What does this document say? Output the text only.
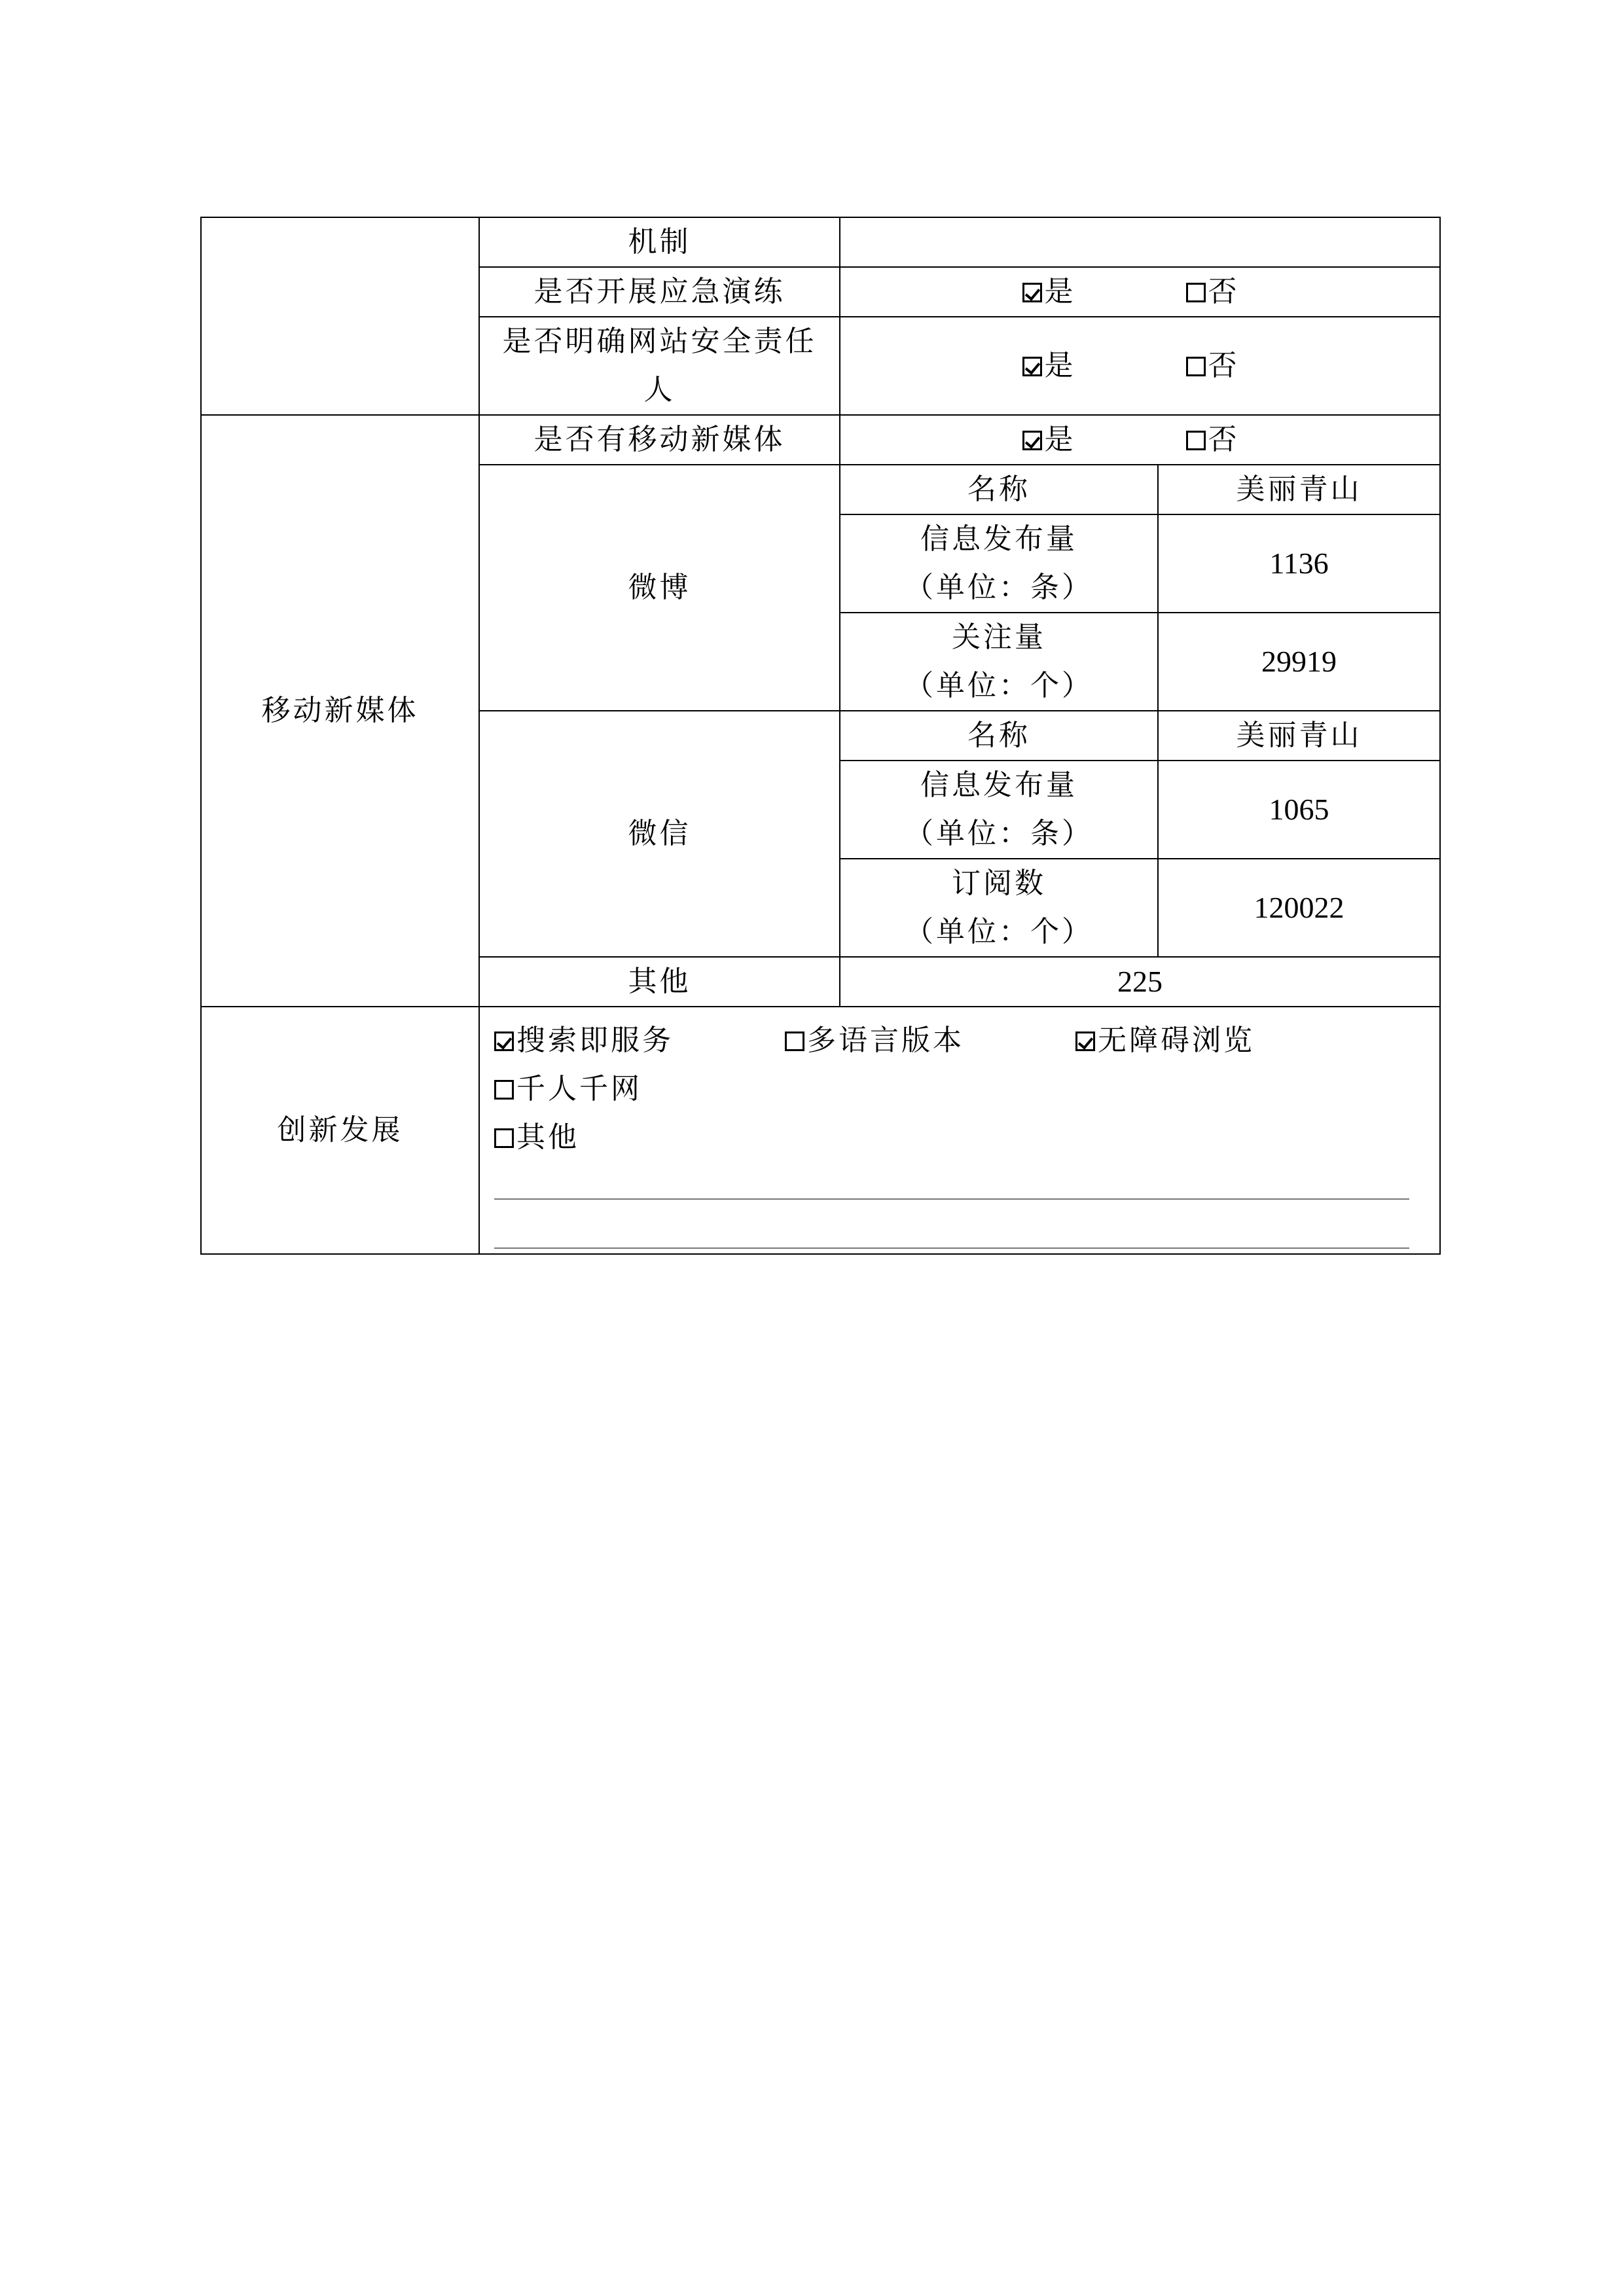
	机制		
	是否开展应急演练	是 否	
	是否明确网站安全责任
人	是 否	
移动新媒体	是否有移动新媒体	是 否	
	微博	名称	美丽青山
		信息发布量
（单位：条）	1136
		关注量
（单位：个）	29919
	微信	名称	美丽青山
		信息发布量
（单位：条）	1065
		订阅数
（单位：个）	120022
	其他	225	
创新发展	搜索即服务 多语言版本 无障碍浏览
千人千网
其他		
